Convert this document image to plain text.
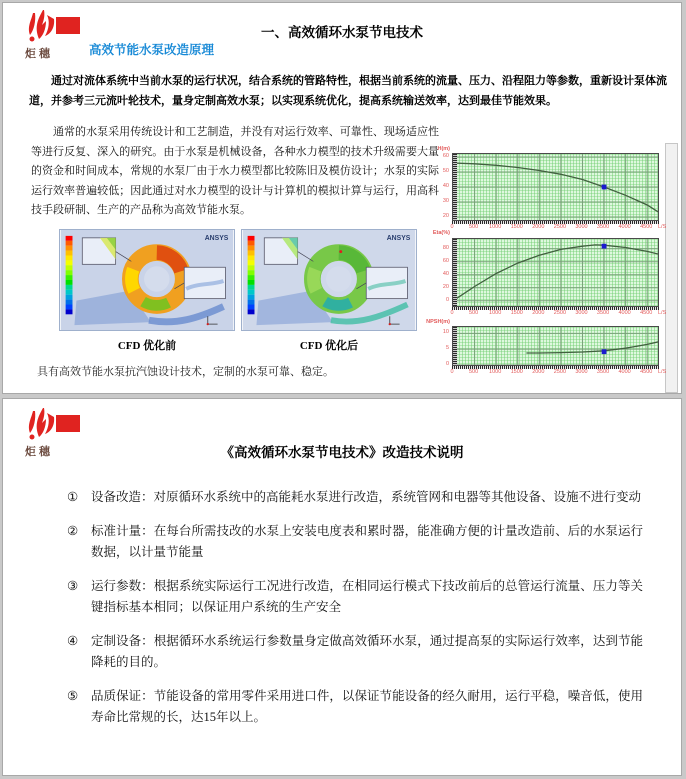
炬穗
一、高效循环水泵节电技术
高效节能水泵改造原理
通过对流体系统中当前水泵的运行状况，结合系统的管路特性，根据当前系统的流量、压力、沿程阻力等参数，重新设计泵体流道，并参考三元流叶轮技术，量身定制高效水泵；以实现系统优化，提高系统输送效率，达到最佳节能效果。
通常的水泵采用传统设计和工艺制造，并没有对运行效率、可靠性、现场适应性等进行反复、深入的研究。由于水泵是机械设备，各种水力模型的技术升级需要大量的资金和时间成本，常规的水泵厂由于水力模型都比较陈旧及模仿设计；水泵的实际运行效率普遍较低；因此通过对水力模型的设计与计算机的模拟计算与运行，用高科技手段研制、生产的产品称为高效节能水泵。
ANSYS	ANSYS
CFD 优化前	CFD 优化后
具有高效节能水泵抗汽蚀设计技术，定制的水泵可靠、稳定。
H(m)
0	500 1000 1500 2000 2500 3000 3500 4000 4500 L/S
20
30
40
50
60
Eta(%)
0	500 1000 1500 2000 2500 3000 3500 4000 4500 L/S
0
20
40
60
80
NPSH(m)
0	500 1000 1500 2000 2500 3000 3500 4000 4500 L/S
0
5
10
炬穗	《高效循环水泵节电技术》改造技术说明
① 设备改造：对原循环水系统中的高能耗水泵进行改造，系统管网和电器等其他设备、设施不进行变动
② 标准计量：在每台所需技改的水泵上安装电度表和累时器，能准确方便的计量改造前、后的水泵运行数据，以计量节能量
③ 运行参数：根据系统实际运行工况进行改造，在相同运行模式下技改前后的总管运行流量、压力等关键指标基本相同；以保证用户系统的生产安全
④ 定制设备：根据循环水系统运行参数量身定做高效循环水泵，通过提高泵的实际运行效率，达到节能降耗的目的。
⑤ 品质保证：节能设备的常用零件采用进口件，以保证节能设备的经久耐用，运行平稳，噪音低，使用寿命比常规的长，达15年以上。
